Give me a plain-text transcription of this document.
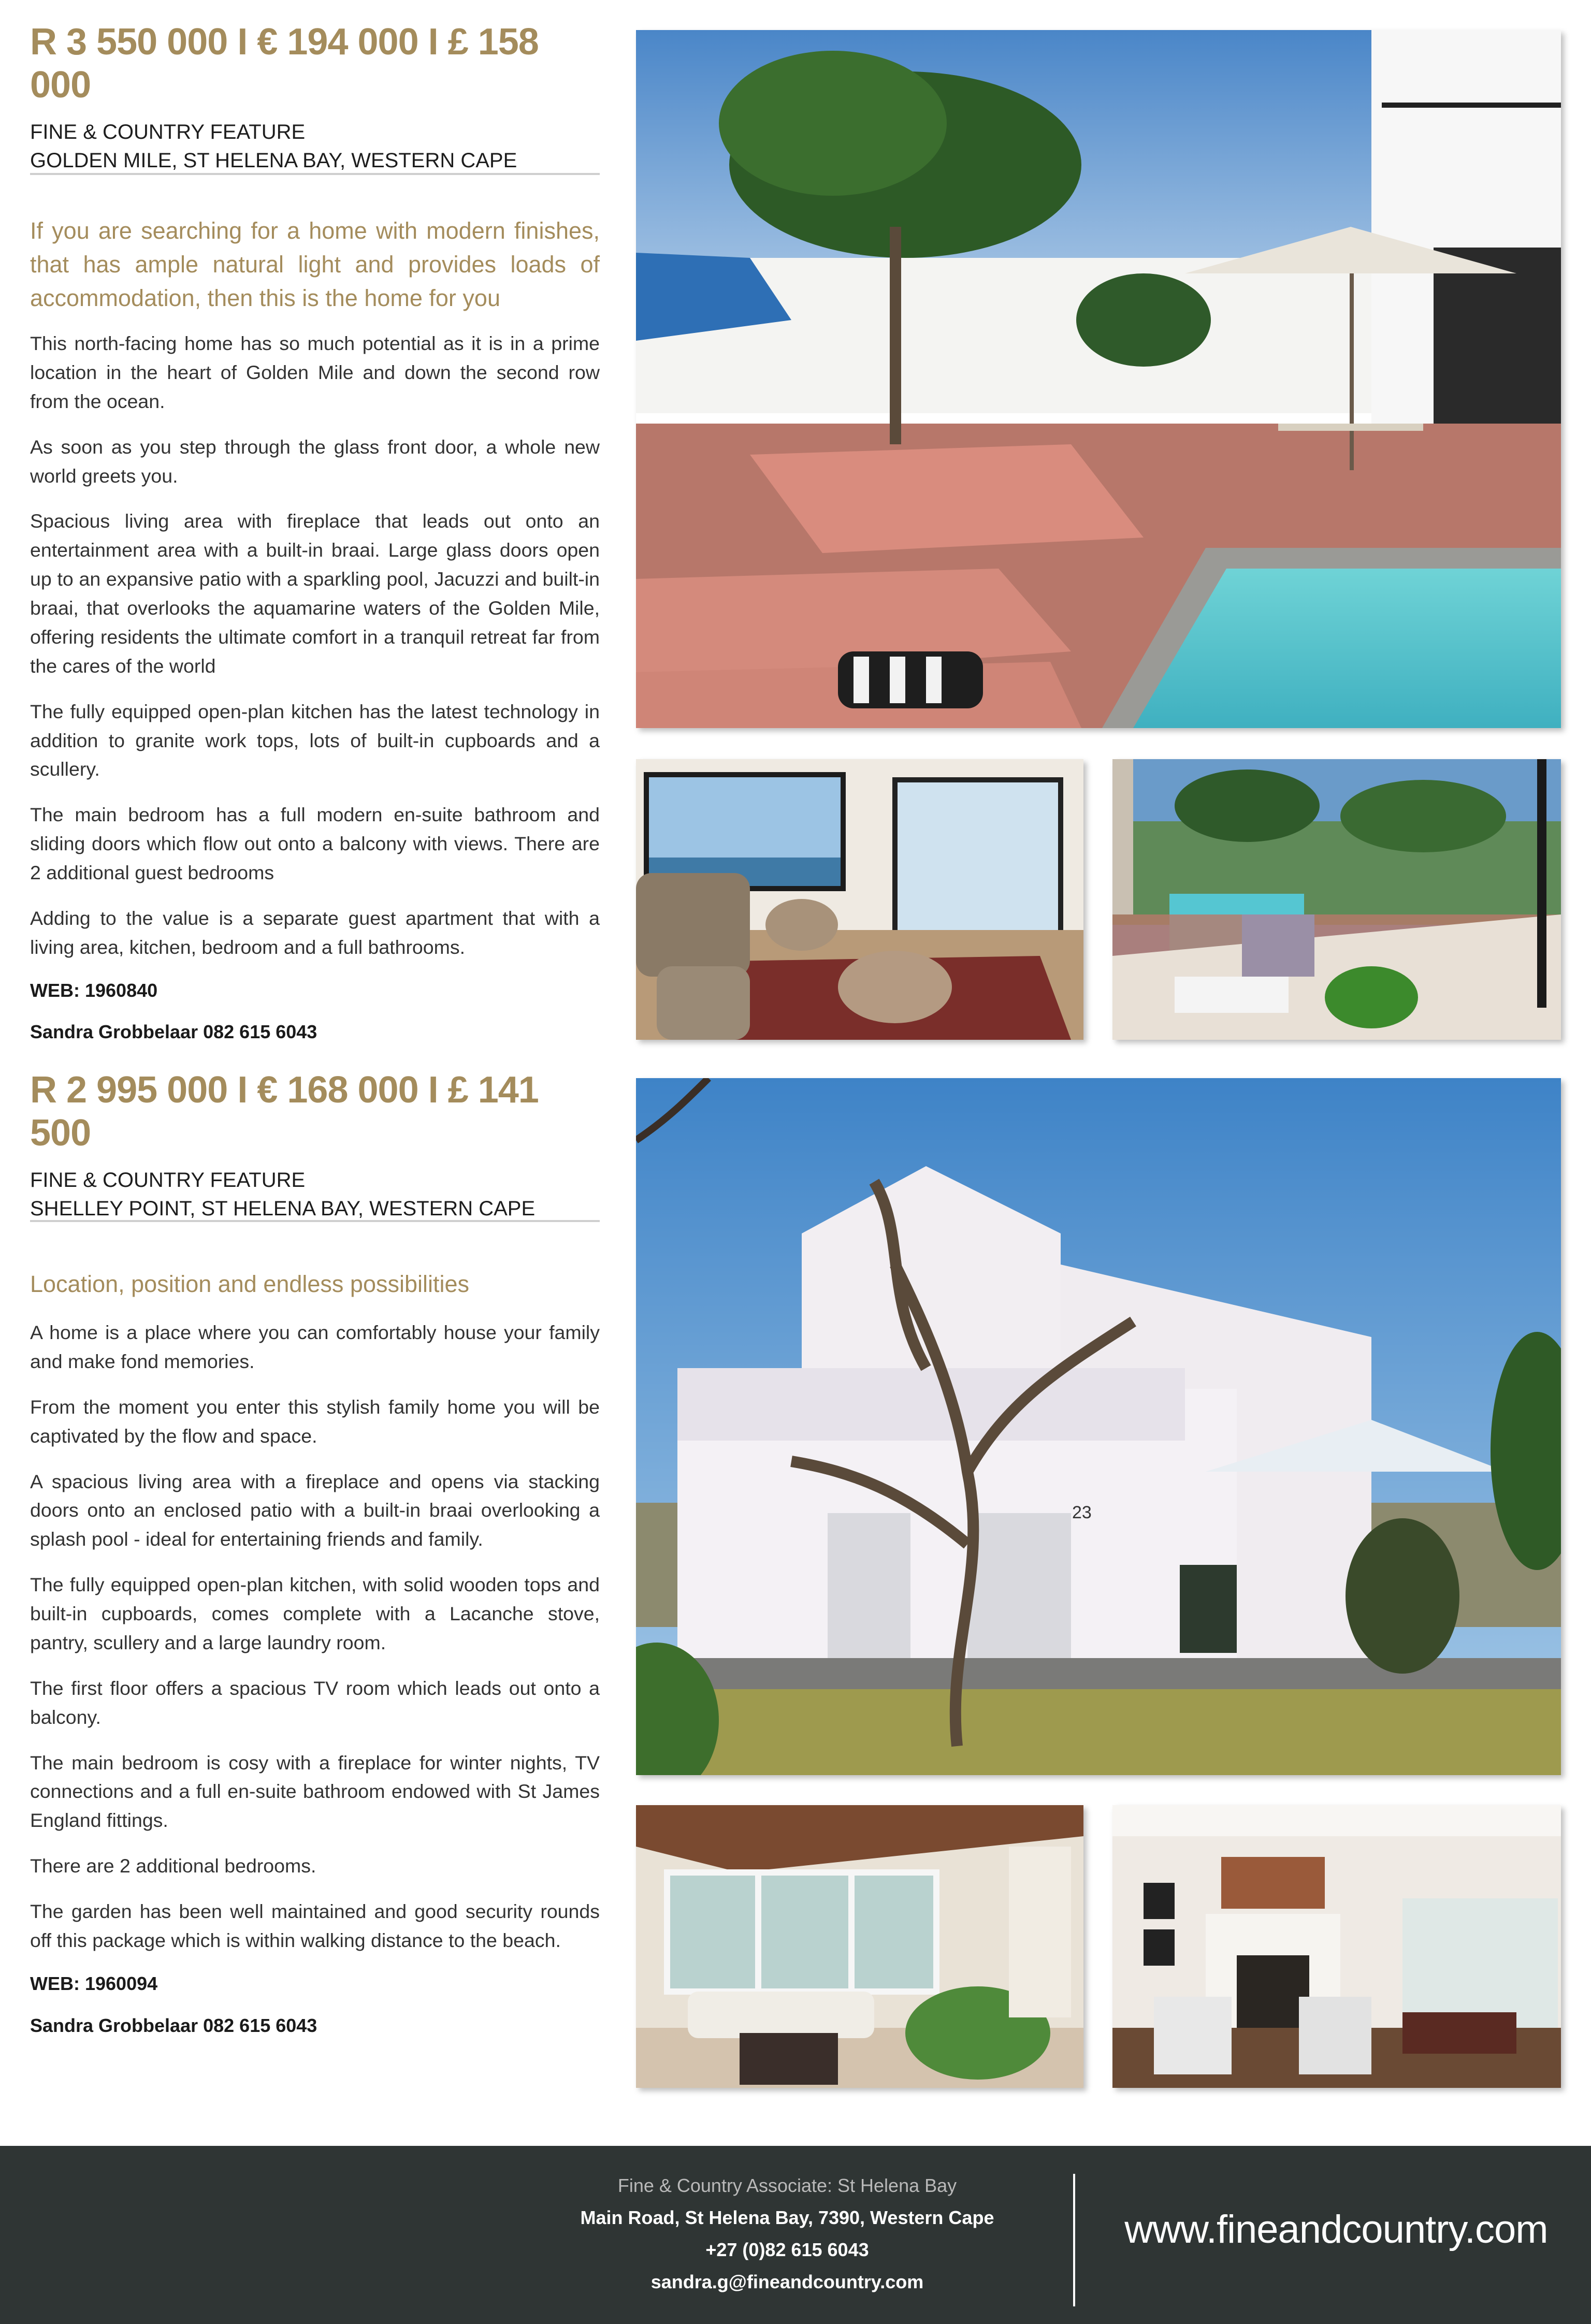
R 3 550 000 I € 194 000 I £ 158 000

FINE & COUNTRY FEATURE

GOLDEN MILE, ST HELENA BAY, WESTERN CAPE

If you are searching for a home with modern finishes, that has ample natural light and provides loads of accommodation, then this is the home for you

This north-facing home has so much potential as it is in a prime location in the heart of Golden Mile and down the second row from the ocean.

As soon as you step through the glass front door, a whole new world greets you.

Spacious living area with fireplace that leads out onto an entertainment area with a built-in braai. Large glass doors open up to an expansive patio with a sparkling pool, Jacuzzi and built-in braai, that overlooks the aquamarine waters of the Golden Mile, offering residents the ultimate comfort in a tranquil retreat far from the cares of the world

The fully equipped open-plan kitchen has the latest technology in addition to granite work tops, lots of built-in cupboards and a scullery.

The main bedroom has a full modern en-suite bathroom and sliding doors which flow out onto a balcony with views. There are 2 additional guest bedrooms

Adding to the value is a separate guest apartment that with a living area, kitchen, bedroom and a full bathrooms.

WEB: 1960840

Sandra Grobbelaar 082 615 6043

R 2 995 000 I € 168 000 I £ 141 500

FINE & COUNTRY FEATURE

SHELLEY POINT, ST HELENA BAY, WESTERN CAPE

Location, position and endless possibilities

A home is a place where you can comfortably house your family and make fond memories.

From the moment you enter this stylish family home you will be captivated by the flow and space.

A spacious living area with a fireplace and opens via stacking doors onto an enclosed patio with a built-in braai overlooking a splash pool - ideal for entertaining friends and family.

The fully equipped open-plan kitchen, with solid wooden tops and built-in cupboards, comes complete with a Lacanche stove, pantry, scullery and a large laundry room.

The first floor offers a spacious TV room which leads out onto a balcony.

The main bedroom is cosy with a fireplace for winter nights, TV connections and a full en-suite bathroom endowed with St James England fittings.

There are 2 additional bedrooms.

The garden has been well maintained and good security rounds off this package which is within walking distance to the beach.

WEB: 1960094

Sandra Grobbelaar 082 615 6043

23
Fine & Country Associate: St Helena Bay
Main Road, St Helena Bay, 7390, Western Cape
+27 (0)82 615 6043
sandra.g@fineandcountry.com
www.fineandcountry.com
